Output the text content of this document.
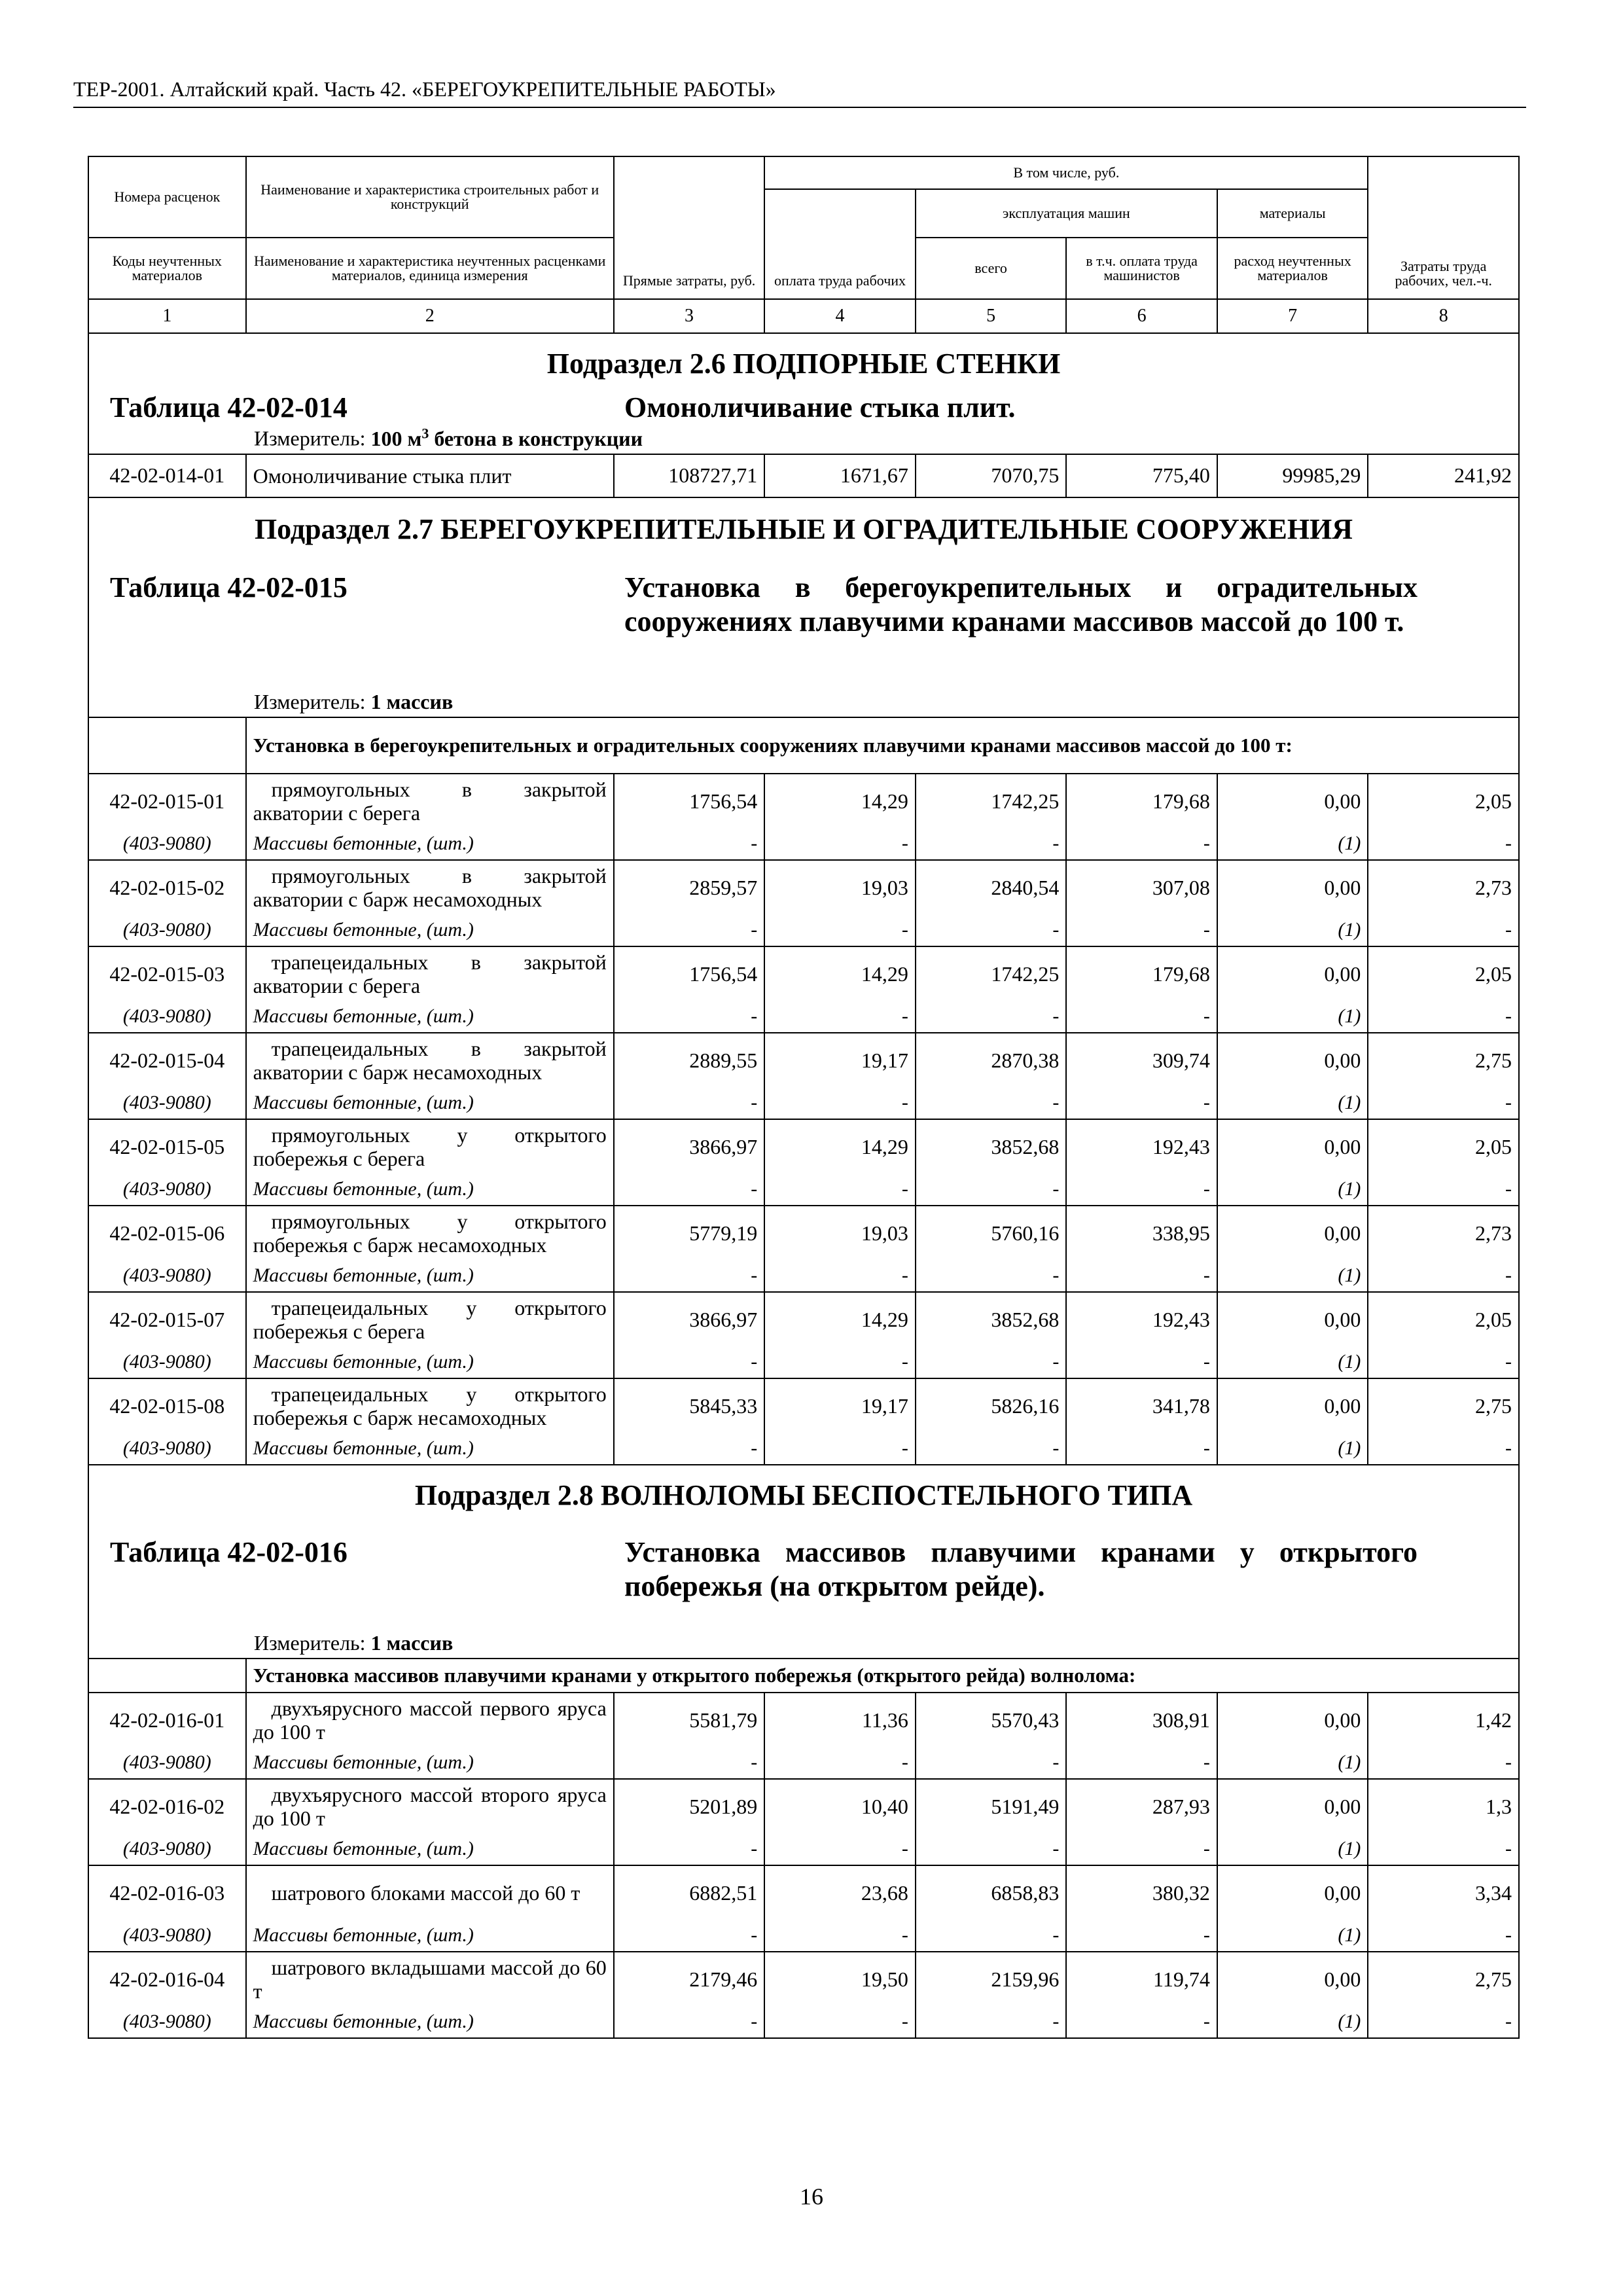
ТЕР-2001. Алтайский край. Часть 42. «БЕРЕГОУКРЕПИТЕЛЬНЫЕ РАБОТЫ»
Номера расценок	Наименование и характеристика строительных работ и конструкций	Прямые затраты, руб.	В том числе, руб.				Затраты труда рабочих, чел.-ч.
			оплата труда рабочих	эксплуатация машин		материалы	
Коды неучтенных материалов	Наименование и характеристика неучтенных расценками материалов, единица измерения			всего	в т.ч. оплата труда машинистов	расход неучтенных материалов	
1	2	3	4	5	6	7	8
Подраздел 2.6 ПОДПОРНЫЕ СТЕНКИ							

Таблица 42-02-014 Омоноличивание стыка плит.							

Измеритель: 100 $м^3$ бетона в конструкции							
42-02-014-01	Омоноличивание стыка плит	108727,71	1671,67	7070,75	775,40	99985,29	241,92
Подраздел 2.7 БЕРЕГОУКРЕПИТЕЛЬНЫЕ И ОГРАДИТЕЛЬНЫЕ СООРУЖЕНИЯ							

Таблица 42-02-015 Установка в берегоукрепительных и оградительных сооружениях плавучими кранами массивов массой до 100 т.							

Измеритель: 1 массив							
	Установка в берегоукрепительных и оградительных сооружениях плавучими кранами массивов массой до 100 т:						
42-02-015-01	прямоугольных в закрытой акватории с берега	1756,54	14,29	1742,25	179,68	0,00	2,05
(403-9080)	Массивы бетонные, (шт.)	-	-	-	-	(1)	-
42-02-015-02	прямоугольных в закрытой акватории с барж несамоходных	2859,57	19,03	2840,54	307,08	0,00	2,73
(403-9080)	Массивы бетонные, (шт.)	-	-	-	-	(1)	-
42-02-015-03	трапецеидальных в закрытой акватории с берега	1756,54	14,29	1742,25	179,68	0,00	2,05
(403-9080)	Массивы бетонные, (шт.)	-	-	-	-	(1)	-
42-02-015-04	трапецеидальных в закрытой акватории с барж несамоходных	2889,55	19,17	2870,38	309,74	0,00	2,75
(403-9080)	Массивы бетонные, (шт.)	-	-	-	-	(1)	-
42-02-015-05	прямоугольных у открытого побережья с берега	3866,97	14,29	3852,68	192,43	0,00	2,05
(403-9080)	Массивы бетонные, (шт.)	-	-	-	-	(1)	-
42-02-015-06	прямоугольных у открытого побережья с барж несамоходных	5779,19	19,03	5760,16	338,95	0,00	2,73
(403-9080)	Массивы бетонные, (шт.)	-	-	-	-	(1)	-
42-02-015-07	трапецеидальных у открытого побережья с берега	3866,97	14,29	3852,68	192,43	0,00	2,05
(403-9080)	Массивы бетонные, (шт.)	-	-	-	-	(1)	-
42-02-015-08	трапецеидальных у открытого побережья с барж несамоходных	5845,33	19,17	5826,16	341,78	0,00	2,75
(403-9080)	Массивы бетонные, (шт.)	-	-	-	-	(1)	-
Подраздел 2.8 ВОЛНОЛОМЫ БЕСПОСТЕЛЬНОГО ТИПА							

Таблица 42-02-016 Установка массивов плавучими кранами у открытого побережья (на открытом рейде).							

Измеритель: 1 массив							
	Установка массивов плавучими кранами у открытого побережья (открытого рейда) волнолома:						
42-02-016-01	двухъярусного массой первого яруса до 100 т	5581,79	11,36	5570,43	308,91	0,00	1,42
(403-9080)	Массивы бетонные, (шт.)	-	-	-	-	(1)	-
42-02-016-02	двухъярусного массой второго яруса до 100 т	5201,89	10,40	5191,49	287,93	0,00	1,3
(403-9080)	Массивы бетонные, (шт.)	-	-	-	-	(1)	-
42-02-016-03	шатрового блоками массой до 60 т	6882,51	23,68	6858,83	380,32	0,00	3,34
(403-9080)	Массивы бетонные, (шт.)	-	-	-	-	(1)	-
42-02-016-04	шатрового вкладышами массой до 60 т	2179,46	19,50	2159,96	119,74	0,00	2,75
(403-9080)	Массивы бетонные, (шт.)	-	-	-	-	(1)	-
16
